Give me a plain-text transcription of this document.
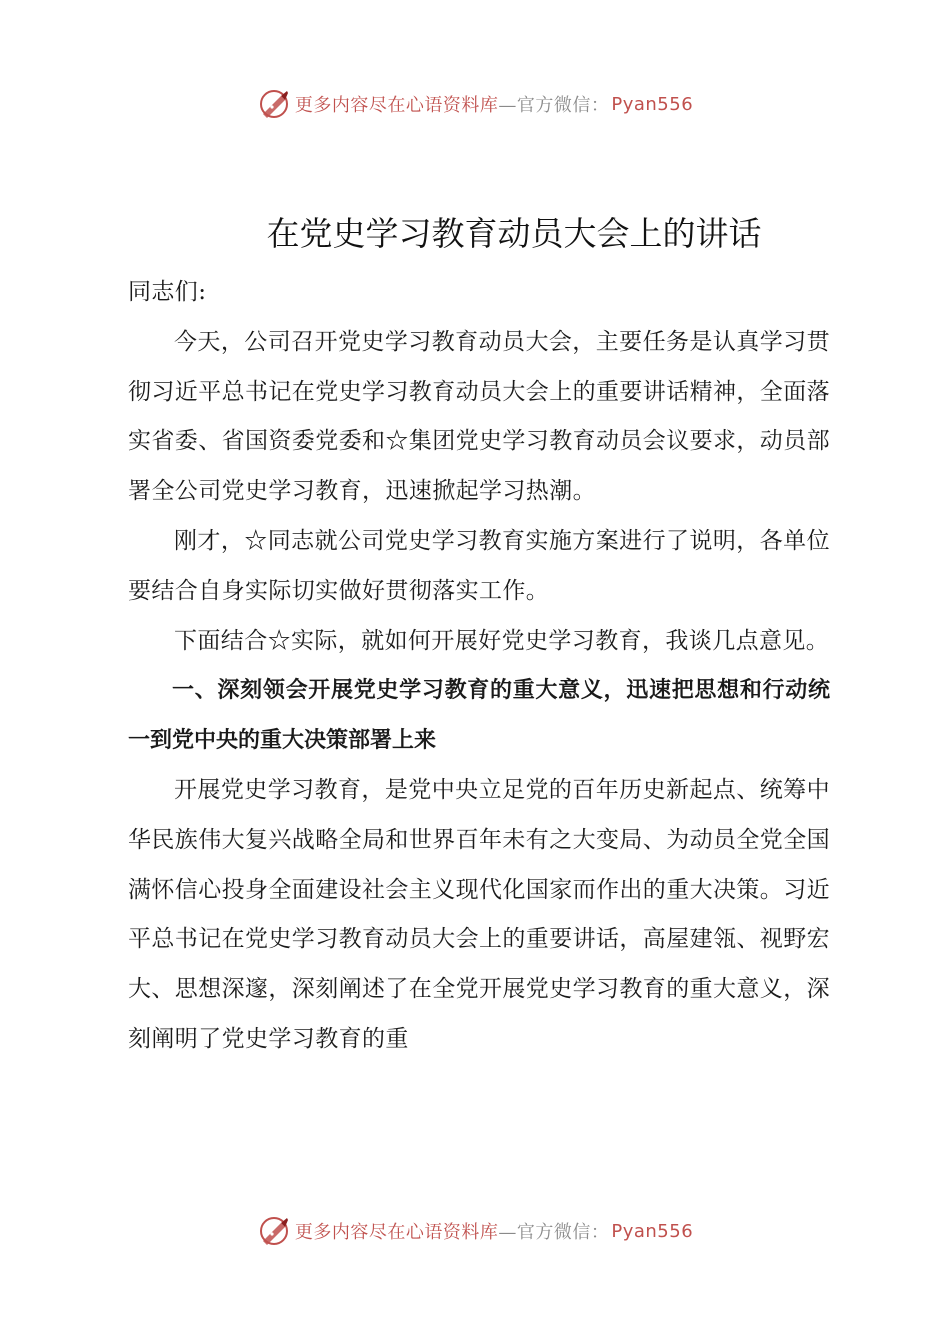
更多内容尽在心语资料库 —官方微信： Pyan556
在党史学习教育动员大会上的讲话

同志们:

今天，公司召开党史学习教育动员大会，主要任务是认真学习贯彻习近平总书记在党史学习教育动员大会上的重要讲话精神，全面落实省委、省国资委党委和☆集团党史学习教育动员会议要求，动员部署全公司党史学习教育，迅速掀起学习热潮。

刚才，☆同志就公司党史学习教育实施方案进行了说明，各单位要结合自身实际切实做好贯彻落实工作。

下面结合☆实际，就如何开展好党史学习教育，我谈几点意见。

一、深刻领会开展党史学习教育的重大意义，迅速把思想和行动统一到党中央的重大决策部署上来

开展党史学习教育，是党中央立足党的百年历史新起点、统筹中华民族伟大复兴战略全局和世界百年未有之大变局、为动员全党全国满怀信心投身全面建设社会主义现代化国家而作出的重大决策。习近平总书记在党史学习教育动员大会上的重要讲话，高屋建瓴、视野宏大、思想深邃，深刻阐述了在全党开展党史学习教育的重大意义，深刻阐明了党史学习教育的重

更多内容尽在心语资料库 —官方微信： Pyan556
